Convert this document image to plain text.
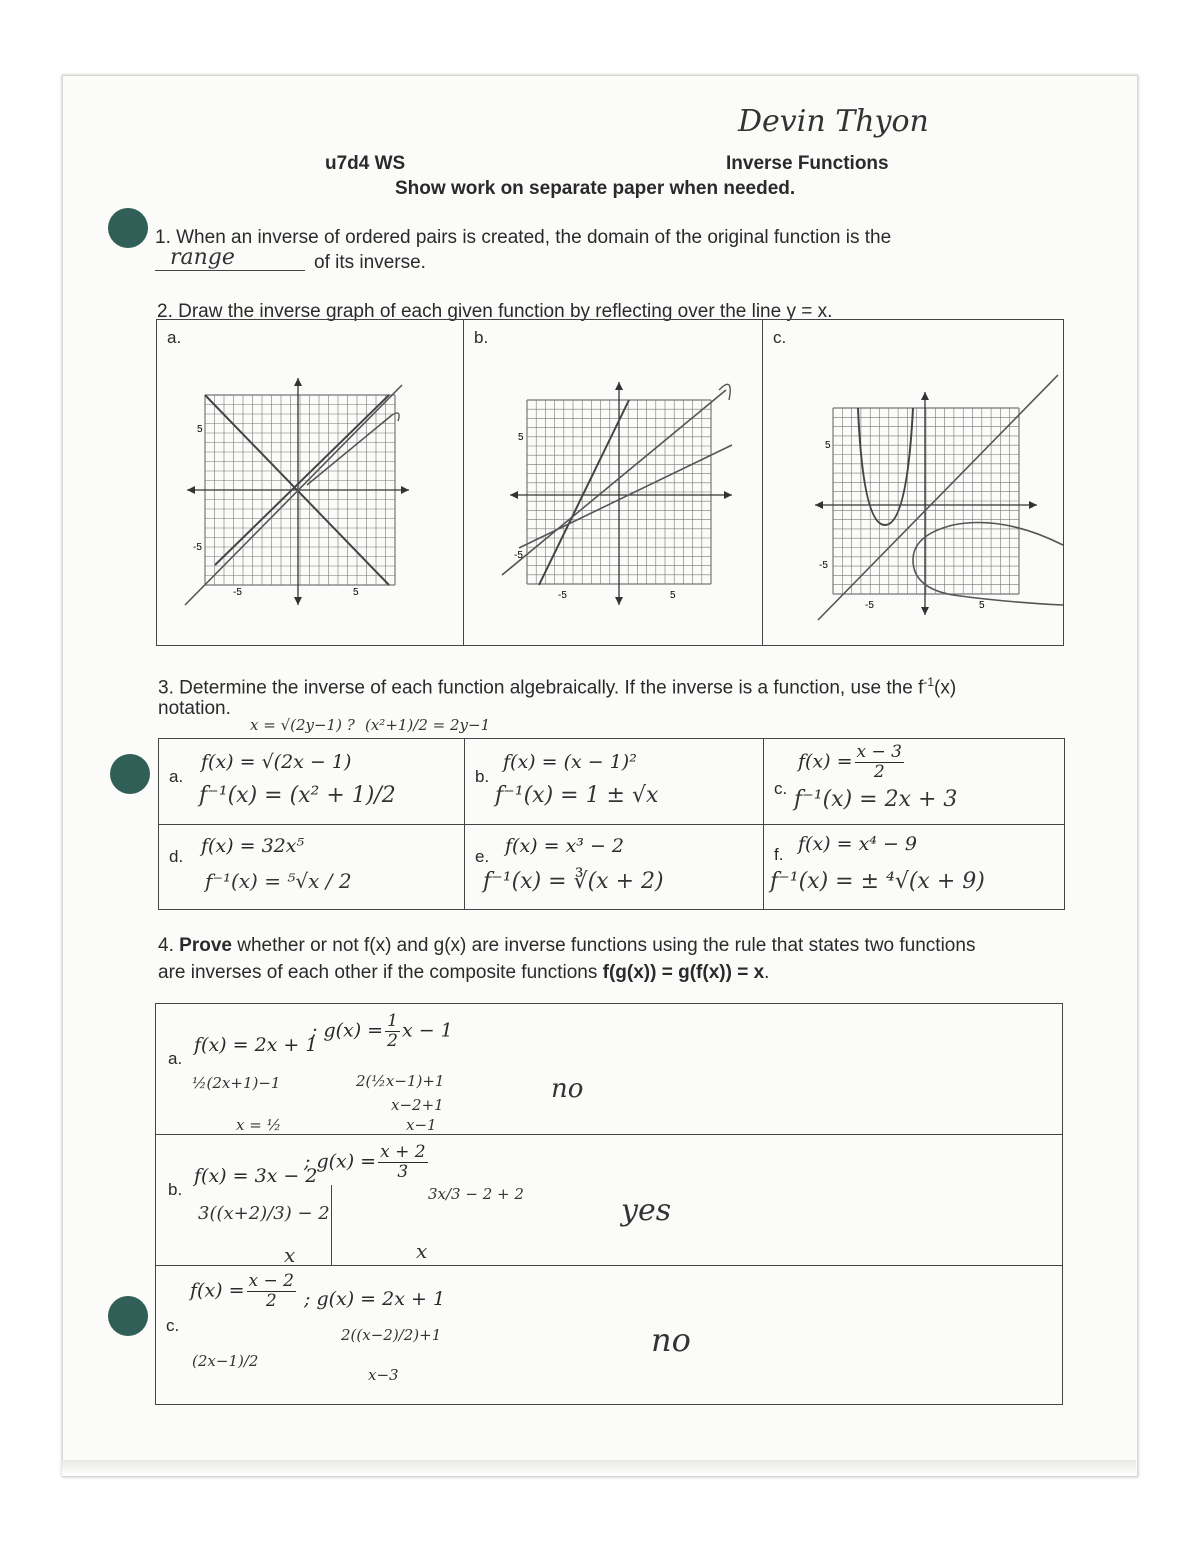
Devin Thyon
u7d4 WS	Inverse Functions
Show work on separate paper when needed.
1. When an inverse of ordered pairs is created, the domain of the original function is the
range	of its inverse.
2. Draw the inverse graph of each given function by reflecting over the line y = x.
a.
5
-5
-5	5

b.
5
-5
-5	5

c.
5
-5
-5	5
3. Determine the inverse of each function algebraically. If the inverse is a function, use the $f^{-1}(x)$
notation.
x = √(2y−1) ? (x²+1)/2 = 2y−1
a.
f(x) = √(2x − 1)
f⁻¹(x) = (x² + 1)/2	b.
f(x) = (x − 1)²
f⁻¹(x) = 1 ± √x	c.
$f(x) = \frac{x - 3}{2}$
f⁻¹(x) = 2x + 3

d. f(x) = 32x⁵
f⁻¹(x) = ⁵√x / 2	e. f(x) = x³ − 2
f⁻¹(x) = ∛(x + 2)	f. f(x) = x⁴ − 9
f⁻¹(x) = ± ⁴√(x + 9)
4. Prove whether or not f(x) and g(x) are inverse functions using the rule that states two functions
are inverses of each other if the composite functions f(g(x)) = g(f(x)) = x.
a.
f(x) = 2x + 1
; $g(x) = \frac{1}{2}$ x − 1
½(2x+1)−1
x = ½
2(½x−1)+1
x−2+1
x−1
no

b.
f(x) = 3x − 2
; $g(x) = \frac{x + 2}{3}$
3((x+2)/3) − 2
x
3x/3 − 2 + 2
x
yes

c.
$f(x) = \frac{x - 2}{2}$ ; g(x) = 2x + 1
(2x−1)/2
2((x−2)/2)+1
x−3
no
